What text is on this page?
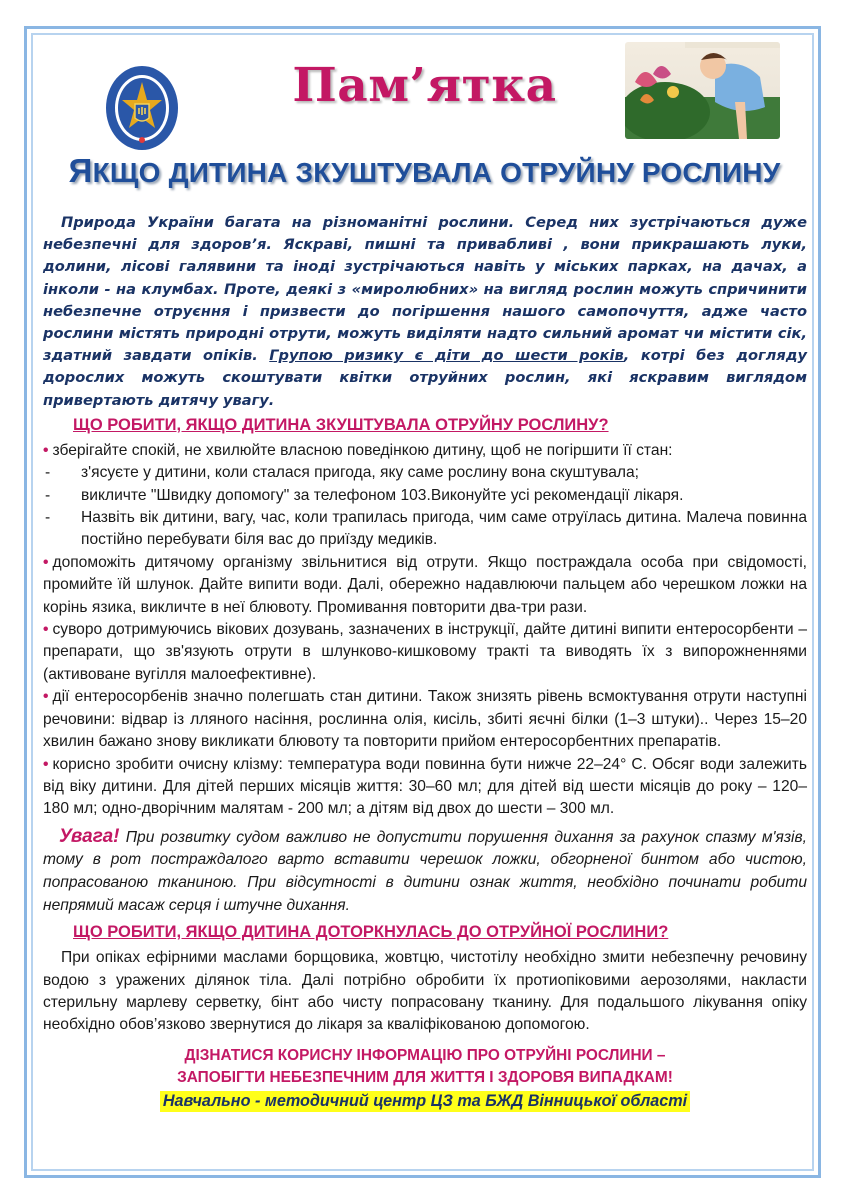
Пам’ятка
ЯКЩО ДИТИНА ЗКУШТУВАЛА ОТРУЙНУ РОСЛИНУ

Природа України багата на різноманітні рослини. Серед них зустрічаються дуже небезпечні для здоров’я. Яскраві, пишні та привабливі , вони прикрашають луки, долини, лісові галявини та іноді зустрічаються навіть у міських парках, на дачах, а інколи - на клумбах. Проте, деякі з «миролюбних» на вигляд рослин можуть спричинити небезпечне отруєння і призвести до погіршення нашого самопочуття, адже часто рослини містять природні отрути, можуть виділяти надто сильний аромат чи містити сік, здатний завдати опіків. Групою ризику є діти до шести років, котрі без догляду дорослих можуть скоштувати квітки отруйних рослин, які яскравим виглядом привертають дитячу увагу.

ЩО РОБИТИ, ЯКЩО ДИТИНА ЗКУШТУВАЛА ОТРУЙНУ РОСЛИНУ?

• зберігайте спокій, не хвилюйте власною поведінкою дитину, щоб не погіршити її стан:

-	з'ясуєте у дитини, коли сталася пригода, яку саме рослину вона скуштувала;
-	викличте "Швидку допомогу" за телефоном 103.Виконуйте усі рекомендації лікаря.
-	Назвіть вік дитини, вагу, час, коли трапилась пригода, чим саме отруїлась дитина. Малеча повинна постійно перебувати біля вас до приїзду медиків.

• допоможіть дитячому організму звільнитися від отрути. Якщо постраждала особа при свідомості, промийте їй шлунок. Дайте випити води. Далі, обережно надавлюючи пальцем або черешком ложки на корінь язика, викличте в неї блювоту. Промивання повторити два-три рази.

• суворо дотримуючись вікових дозувань, зазначених в інструкції, дайте дитині випити ентеросорбенти – препарати, що зв'язують отрути в шлунково-кишковому тракті та виводять їх з випорожненнями (активоване вугілля малоефективне).

• дії ентеросорбенів значно полегшать стан дитини. Також знизять рівень всмоктування отрути наступні речовини: відвар із лляного насіння, рослинна олія, кисіль, збиті яєчні білки (1–3 штуки).. Через 15–20 хвилин бажано знову викликати блювоту та повторити прийом ентеросорбентних препаратів.

• корисно зробити очисну клізму: температура води повинна бути нижче 22–24° С. Обсяг води залежить від віку дитини. Для дітей перших місяців життя: 30–60 мл; для дітей від шести місяців до року – 120–180 мл; одно-дворічним малятам - 200 мл; а дітям від двох до шести – 300 мл.

Увага! При розвитку судом важливо не допустити порушення дихання за рахунок спазму м'язів, тому в рот постраждалого варто вставити черешок ложки, обгорненої бинтом або чистою, попрасованою тканиною. При відсутності в дитини ознак життя, необхідно починати робити непрямий масаж серця і штучне дихання.

ЩО РОБИТИ, ЯКЩО ДИТИНА ДОТОРКНУЛАСЬ ДО ОТРУЙНОЇ РОСЛИНИ?

При опіках ефірними маслами борщовика, жовтцю, чистотілу необхідно змити небезпечну речовину водою з уражених ділянок тіла. Далі потрібно обробити їх протиопіковими аерозолями, накласти стерильну марлеву серветку, бінт або чисту попрасовану тканину. Для подальшого лікування опіку необхідно обов’язково звернутися до лікаря за кваліфікованою допомогою.

ДІЗНАТИСЯ КОРИСНУ ІНФОРМАЦІЮ ПРО ОТРУЙНІ РОСЛИНИ –
ЗАПОБІГТИ НЕБЕЗПЕЧНИМ ДЛЯ ЖИТТЯ І ЗДОРОВЯ ВИПАДКАМ!
Навчально - методичний центр ЦЗ та БЖД Вінницької області
